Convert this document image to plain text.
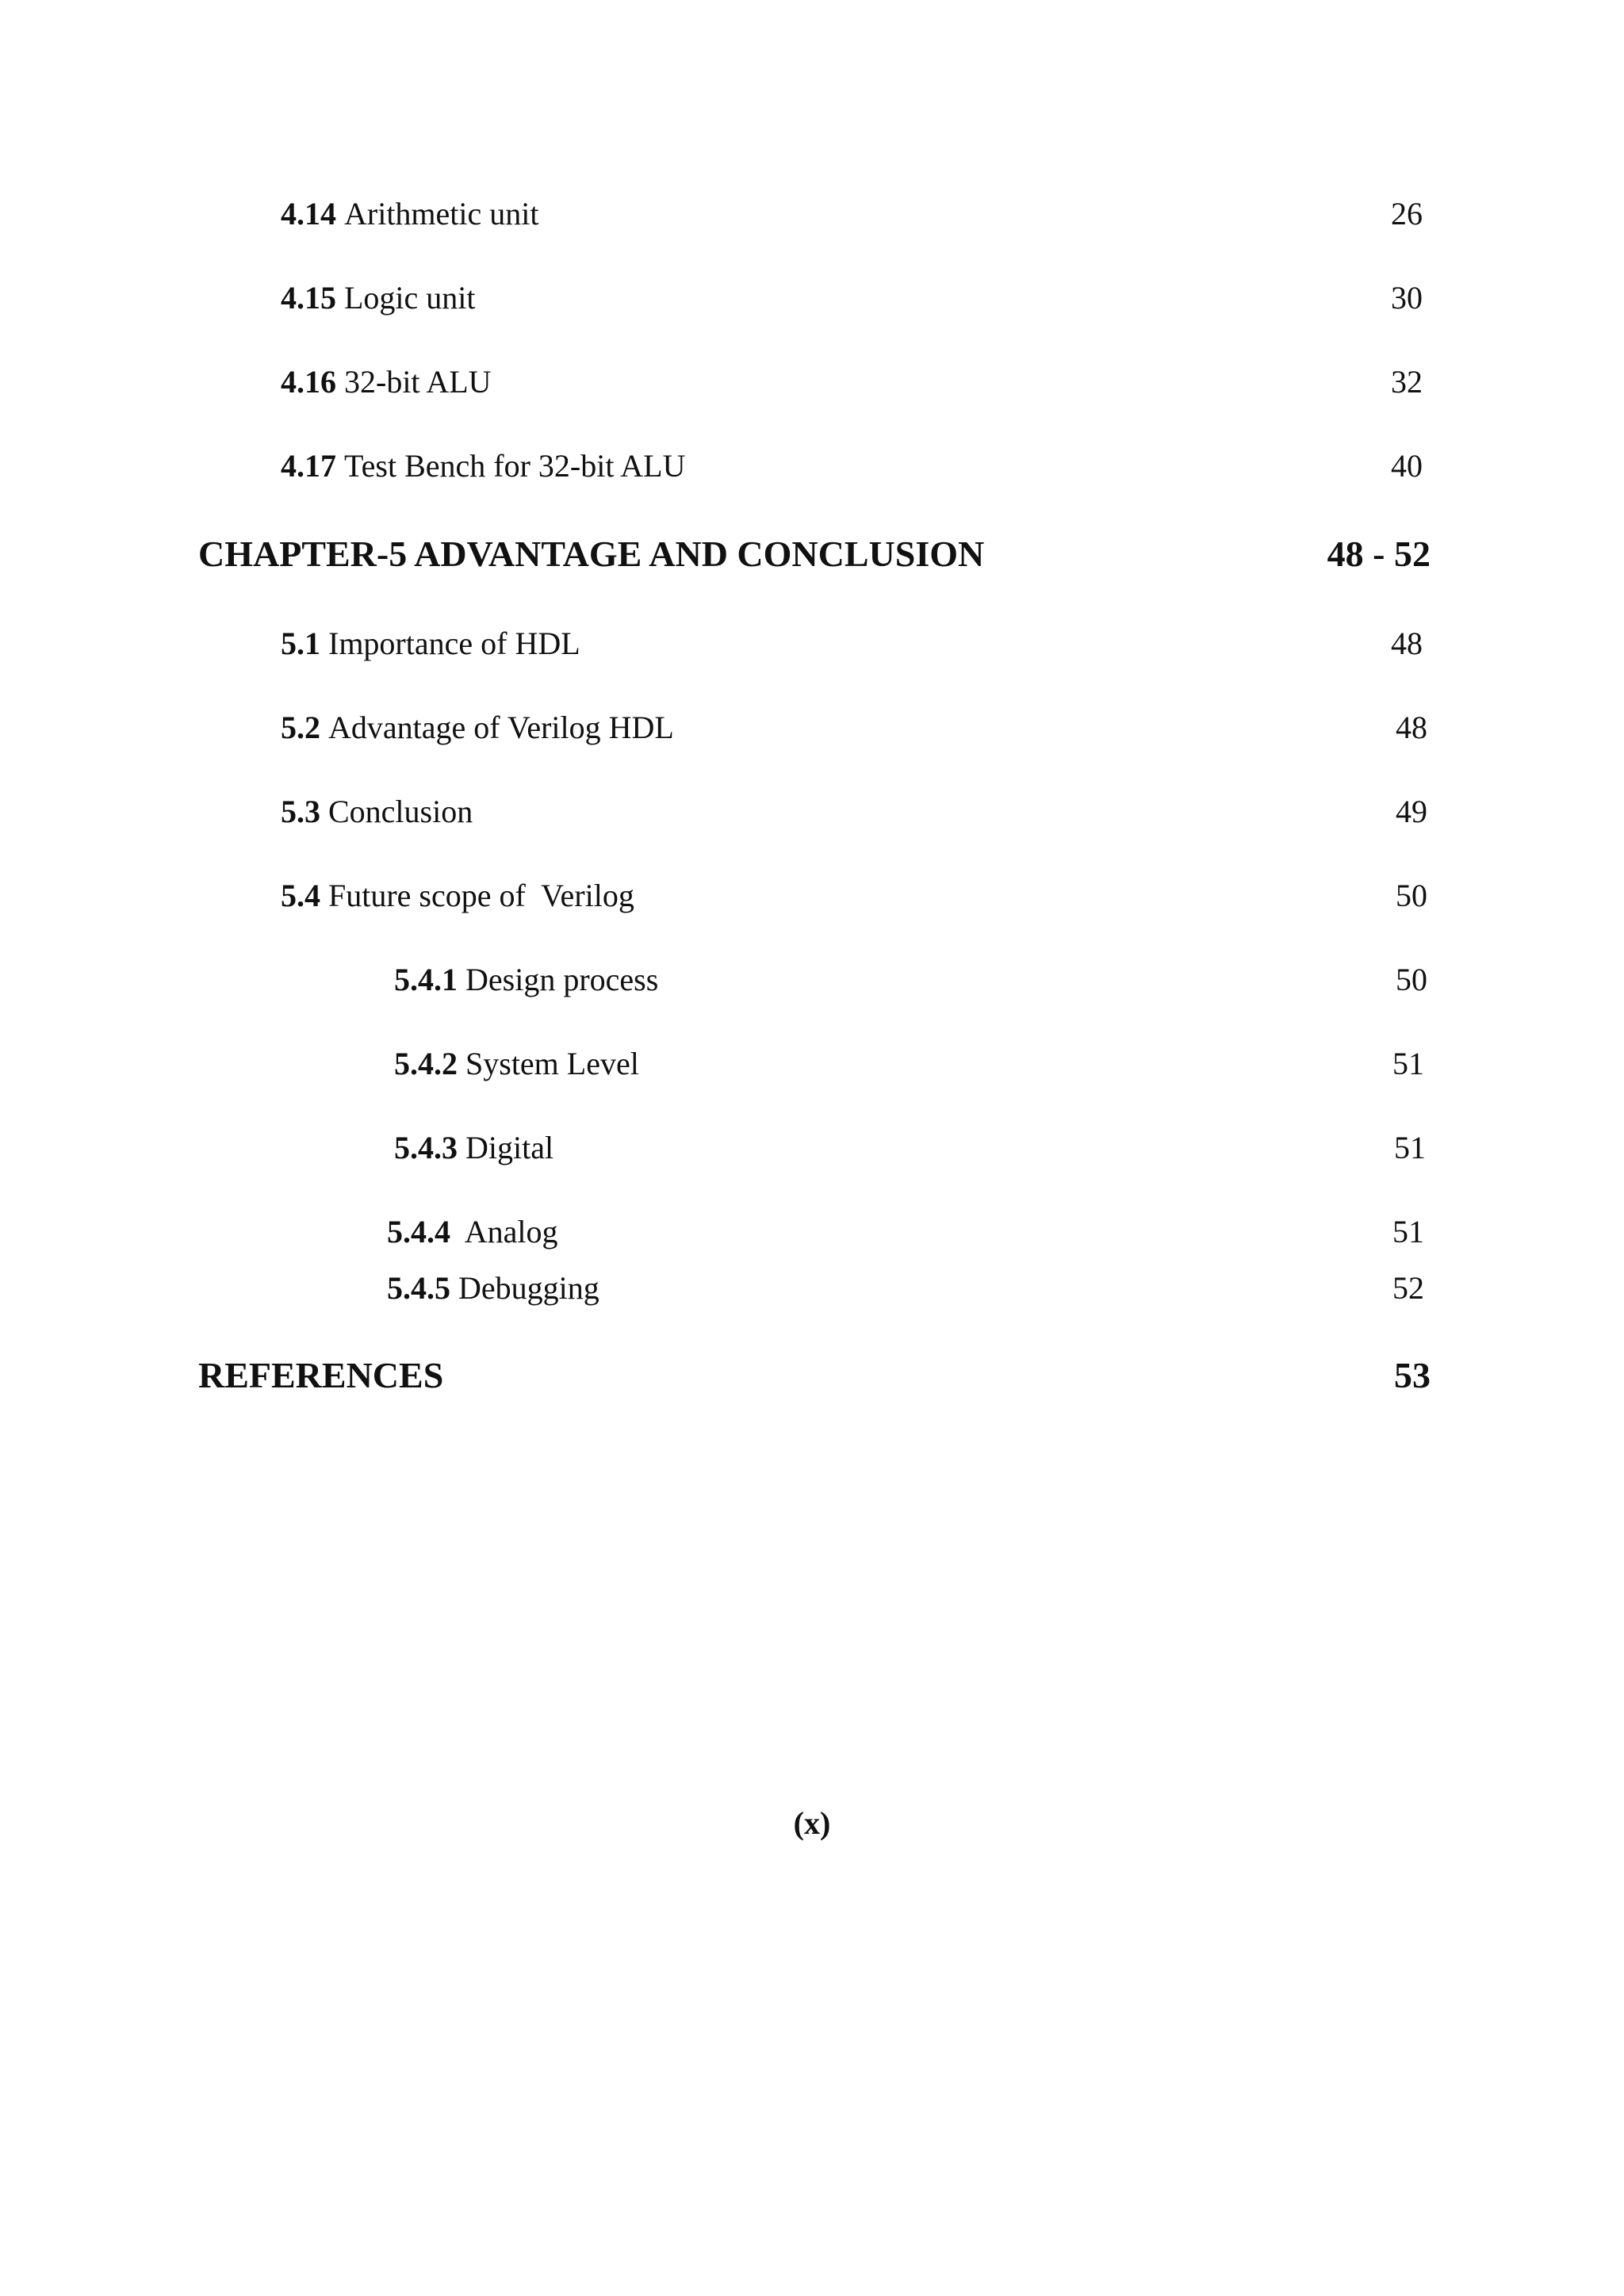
4.14 Arithmetic unit	26
4.15 Logic unit	30
4.16 32-bit ALU	32
4.17 Test Bench for 32-bit ALU	40
CHAPTER-5 ADVANTAGE AND CONCLUSION	48 - 52
5.1 Importance of HDL	48
5.2 Advantage of Verilog HDL	48
5.3 Conclusion	49
5.4 Future scope of  Verilog	50
5.4.1 Design process	50
5.4.2 System Level	51
5.4.3 Digital	51
5.4.4 Analog	51
5.4.5 Debugging	52
REFERENCES	53
(x)
